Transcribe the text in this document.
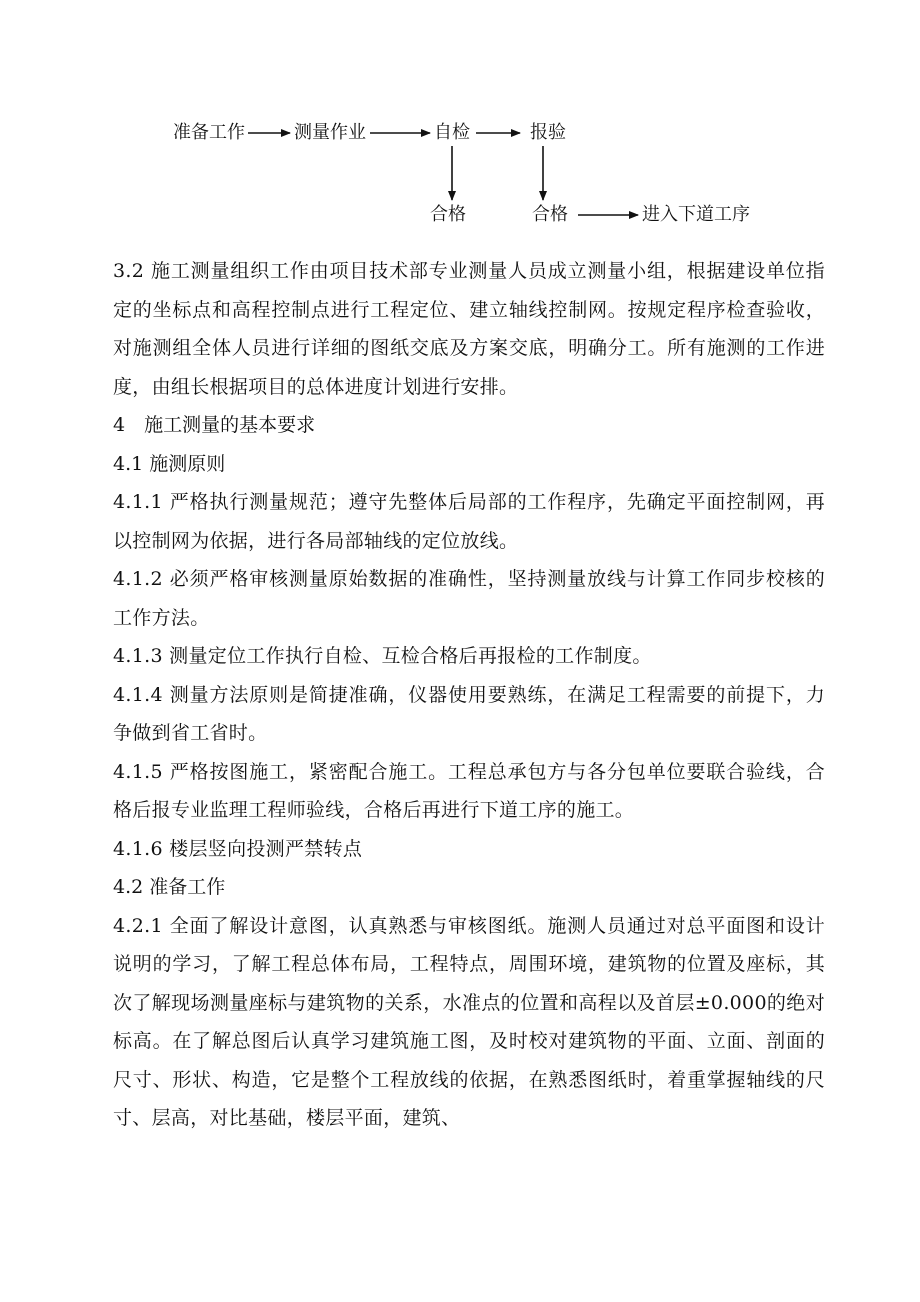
准备工作	测量作业	自检	报验
合格	合格	进入下道工序

3.2 施工测量组织工作由项目技术部专业测量人员成立测量小组，根据建设单位指定的坐标点和高程控制点进行工程定位、建立轴线控制网。按规定程序检查验收，对施测组全体人员进行详细的图纸交底及方案交底，明确分工。所有施测的工作进度，由组长根据项目的总体进度计划进行安排。

4　施工测量的基本要求

4.1 施测原则

4.1.1 严格执行测量规范；遵守先整体后局部的工作程序，先确定平面控制网，再以控制网为依据，进行各局部轴线的定位放线。

4.1.2 必须严格审核测量原始数据的准确性，坚持测量放线与计算工作同步校核的工作方法。

4.1.3 测量定位工作执行自检、互检合格后再报检的工作制度。

4.1.4 测量方法原则是简捷准确，仪器使用要熟练，在满足工程需要的前提下，力争做到省工省时。

4.1.5 严格按图施工，紧密配合施工。工程总承包方与各分包单位要联合验线，合格后报专业监理工程师验线，合格后再进行下道工序的施工。

4.1.6 楼层竖向投测严禁转点

4.2 准备工作

4.2.1 全面了解设计意图，认真熟悉与审核图纸。施测人员通过对总平面图和设计说明的学习，了解工程总体布局，工程特点，周围环境，建筑物的位置及座标，其次了解现场测量座标与建筑物的关系，水准点的位置和高程以及首层±0.000的绝对标高。在了解总图后认真学习建筑施工图，及时校对建筑物的平面、立面、剖面的尺寸、形状、构造，它是整个工程放线的依据，在熟悉图纸时，着重掌握轴线的尺寸、层高，对比基础，楼层平面，建筑、
